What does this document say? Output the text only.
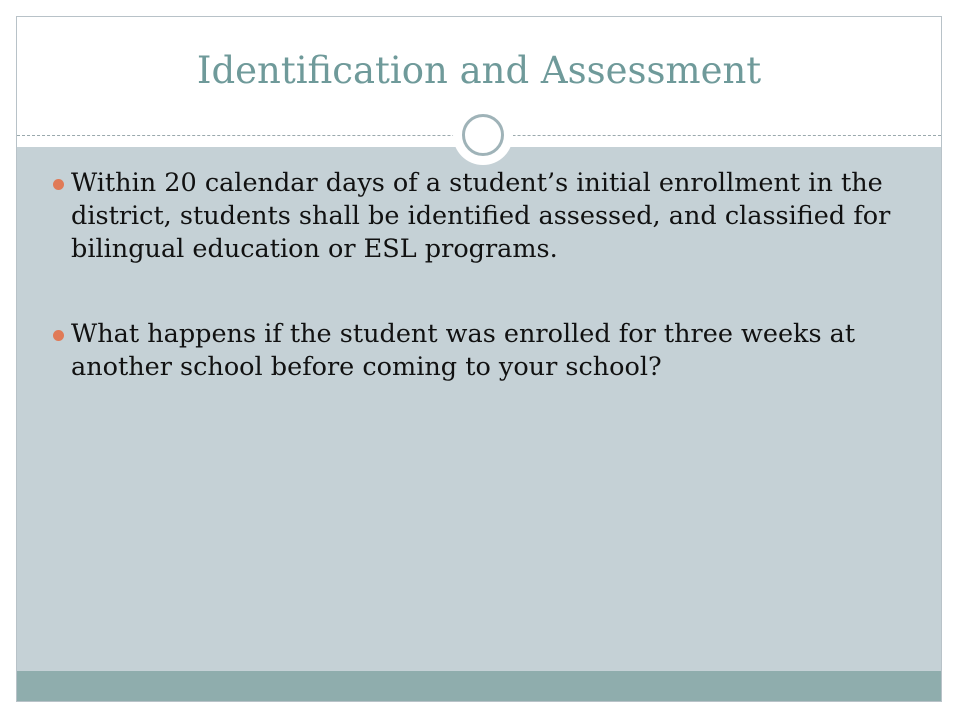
Identification and Assessment
Within 20 calendar days of a student’s initial enrollment in the district, students shall be identified assessed, and classified for bilingual education or ESL programs.
What happens if the student was enrolled for three weeks at another school before coming to your school?
